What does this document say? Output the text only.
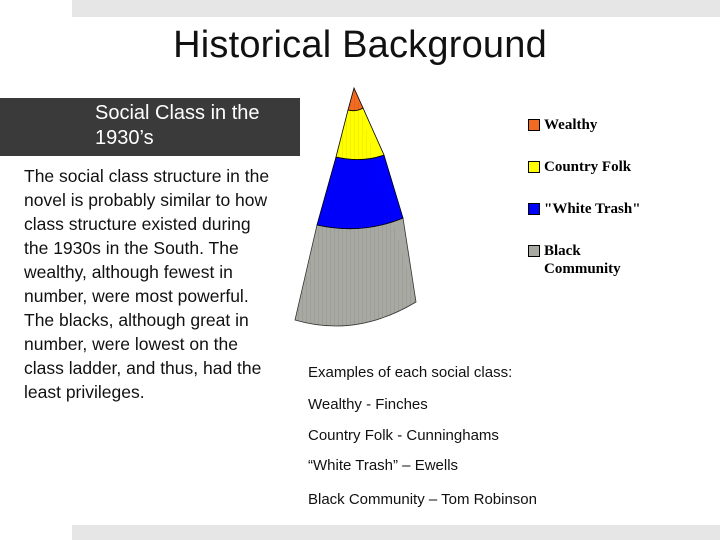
Historical Background
Social Class in the 1930’s

The social class structure in the novel is probably similar to how class structure existed during the 1930s in the South. The wealthy, although fewest in number, were most powerful. The blacks, although great in number, were lowest on the class ladder, and thus, had the least privileges.

Wealthy
Country Folk
"White Trash"
Black Community
Examples of each social class:
Wealthy - Finches
Country Folk - Cunninghams
“White Trash” – Ewells
Black Community – Tom Robinson
